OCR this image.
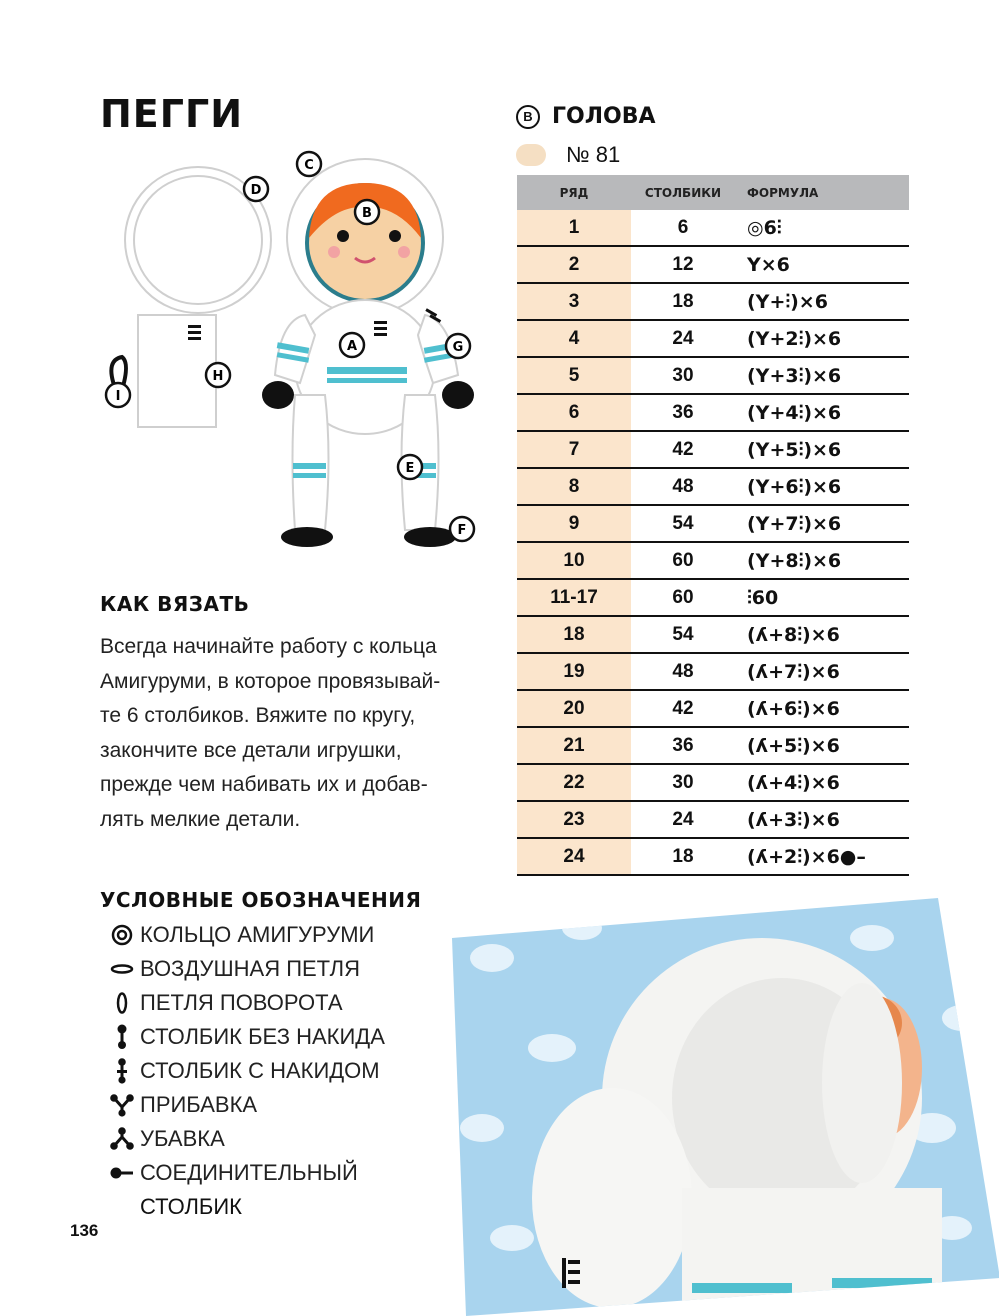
ПЕГГИ
A
B
C
D
E
F
G
H
I
B ГОЛОВА
№ 81
РЯД	СТОЛБИКИ	ФОРМУЛА
1	6	◎6⫶
2	12	Y×6
3	18	(Y+⫶)×6
4	24	(Y+2⫶)×6
5	30	(Y+3⫶)×6
6	36	(Y+4⫶)×6
7	42	(Y+5⫶)×6
8	48	(Y+6⫶)×6
9	54	(Y+7⫶)×6
10	60	(Y+8⫶)×6
11-17	60	⫶60
18	54	(ʎ+8⫶)×6
19	48	(ʎ+7⫶)×6
20	42	(ʎ+6⫶)×6
21	36	(ʎ+5⫶)×6
22	30	(ʎ+4⫶)×6
23	24	(ʎ+3⫶)×6
24	18	(ʎ+2⫶)×6●–
КАК ВЯЗАТЬ
Всегда начинайте работу с кольца
Амигуруми, в которое провязывай-
те 6 столбиков. Вяжите по кругу,
закончите все детали игрушки,
прежде чем набивать их и добав-
лять мелкие детали.
УСЛОВНЫЕ ОБОЗНАЧЕНИЯ
КОЛЬЦО АМИГУРУМИ
ВОЗДУШНАЯ ПЕТЛЯ
ПЕТЛЯ ПОВОРОТА
СТОЛБИК БЕЗ НАКИДА
СТОЛБИК С НАКИДОМ
ПРИБАВКА
УБАВКА
СОЕДИНИТЕЛЬНЫЙ
СТОЛБИК
136
